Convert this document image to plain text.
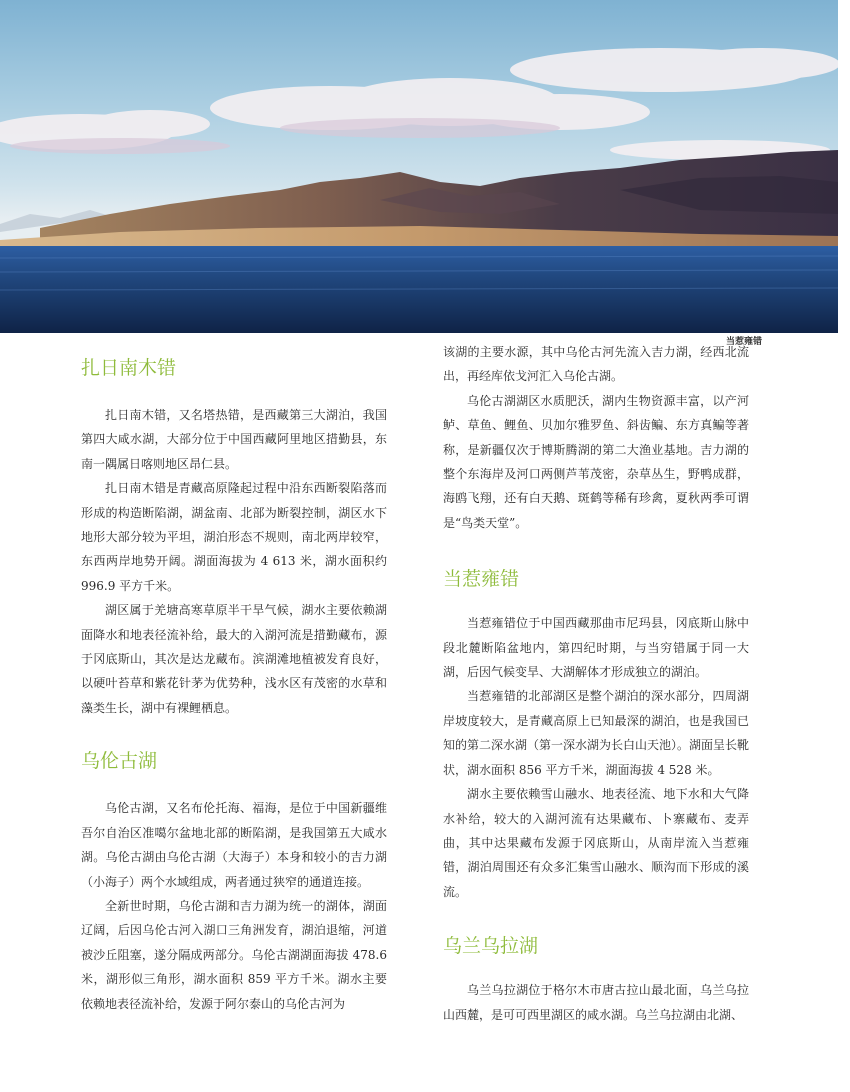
当惹雍错
扎日南木错

扎日南木错，又名塔热错，是西藏第三大湖泊，我国第四大咸水湖，大部分位于中国西藏阿里地区措勤县，东南一隅属日喀则地区昂仁县。

扎日南木错是青藏高原隆起过程中沿东西断裂陷落而形成的构造断陷湖，湖盆南、北部为断裂控制，湖区水下地形大部分较为平坦，湖泊形态不规则，南北两岸较窄，东西两岸地势开阔。湖面海拔为 4 613 米，湖水面积约 996.9 平方千米。

湖区属于羌塘高寒草原半干旱气候，湖水主要依赖湖面降水和地表径流补给，最大的入湖河流是措勤藏布，源于冈底斯山，其次是达龙藏布。滨湖滩地植被发育良好，以硬叶苔草和紫花针茅为优势种，浅水区有茂密的水草和藻类生长，湖中有裸鲤栖息。

乌伦古湖

乌伦古湖，又名布伦托海、福海，是位于中国新疆维吾尔自治区准噶尔盆地北部的断陷湖，是我国第五大咸水湖。乌伦古湖由乌伦古湖（大海子）本身和较小的吉力湖（小海子）两个水域组成，两者通过狭窄的通道连接。

全新世时期，乌伦古湖和吉力湖为统一的湖体，湖面辽阔，后因乌伦古河入湖口三角洲发育，湖泊退缩，河道被沙丘阻塞，遂分隔成两部分。乌伦古湖湖面海拔 478.6 米，湖形似三角形，湖水面积 859 平方千米。湖水主要依赖地表径流补给，发源于阿尔泰山的乌伦古河为

该湖的主要水源，其中乌伦古河先流入吉力湖，经西北流出，再经库依戈河汇入乌伦古湖。

乌伦古湖湖区水质肥沃，湖内生物资源丰富，以产河鲈、草鱼、鲤鱼、贝加尔雅罗鱼、斜齿鳊、东方真鳊等著称，是新疆仅次于博斯腾湖的第二大渔业基地。吉力湖的整个东海岸及河口两侧芦苇茂密，杂草丛生，野鸭成群，海鸥飞翔，还有白天鹅、斑鹤等稀有珍禽，夏秋两季可谓是“鸟类天堂”。

当惹雍错

当惹雍错位于中国西藏那曲市尼玛县，冈底斯山脉中段北麓断陷盆地内，第四纪时期，与当穷错属于同一大湖，后因气候变旱、大湖解体才形成独立的湖泊。

当惹雍错的北部湖区是整个湖泊的深水部分，四周湖岸坡度较大，是青藏高原上已知最深的湖泊，也是我国已知的第二深水湖（第一深水湖为长白山天池）。湖面呈长靴状，湖水面积 856 平方千米，湖面海拔 4 528 米。

湖水主要依赖雪山融水、地表径流、地下水和大气降水补给，较大的入湖河流有达果藏布、卜寨藏布、麦弄曲，其中达果藏布发源于冈底斯山，从南岸流入当惹雍错，湖泊周围还有众多汇集雪山融水、顺沟而下形成的溪流。

乌兰乌拉湖

乌兰乌拉湖位于格尔木市唐古拉山最北面，乌兰乌拉山西麓，是可可西里湖区的咸水湖。乌兰乌拉湖由北湖、
